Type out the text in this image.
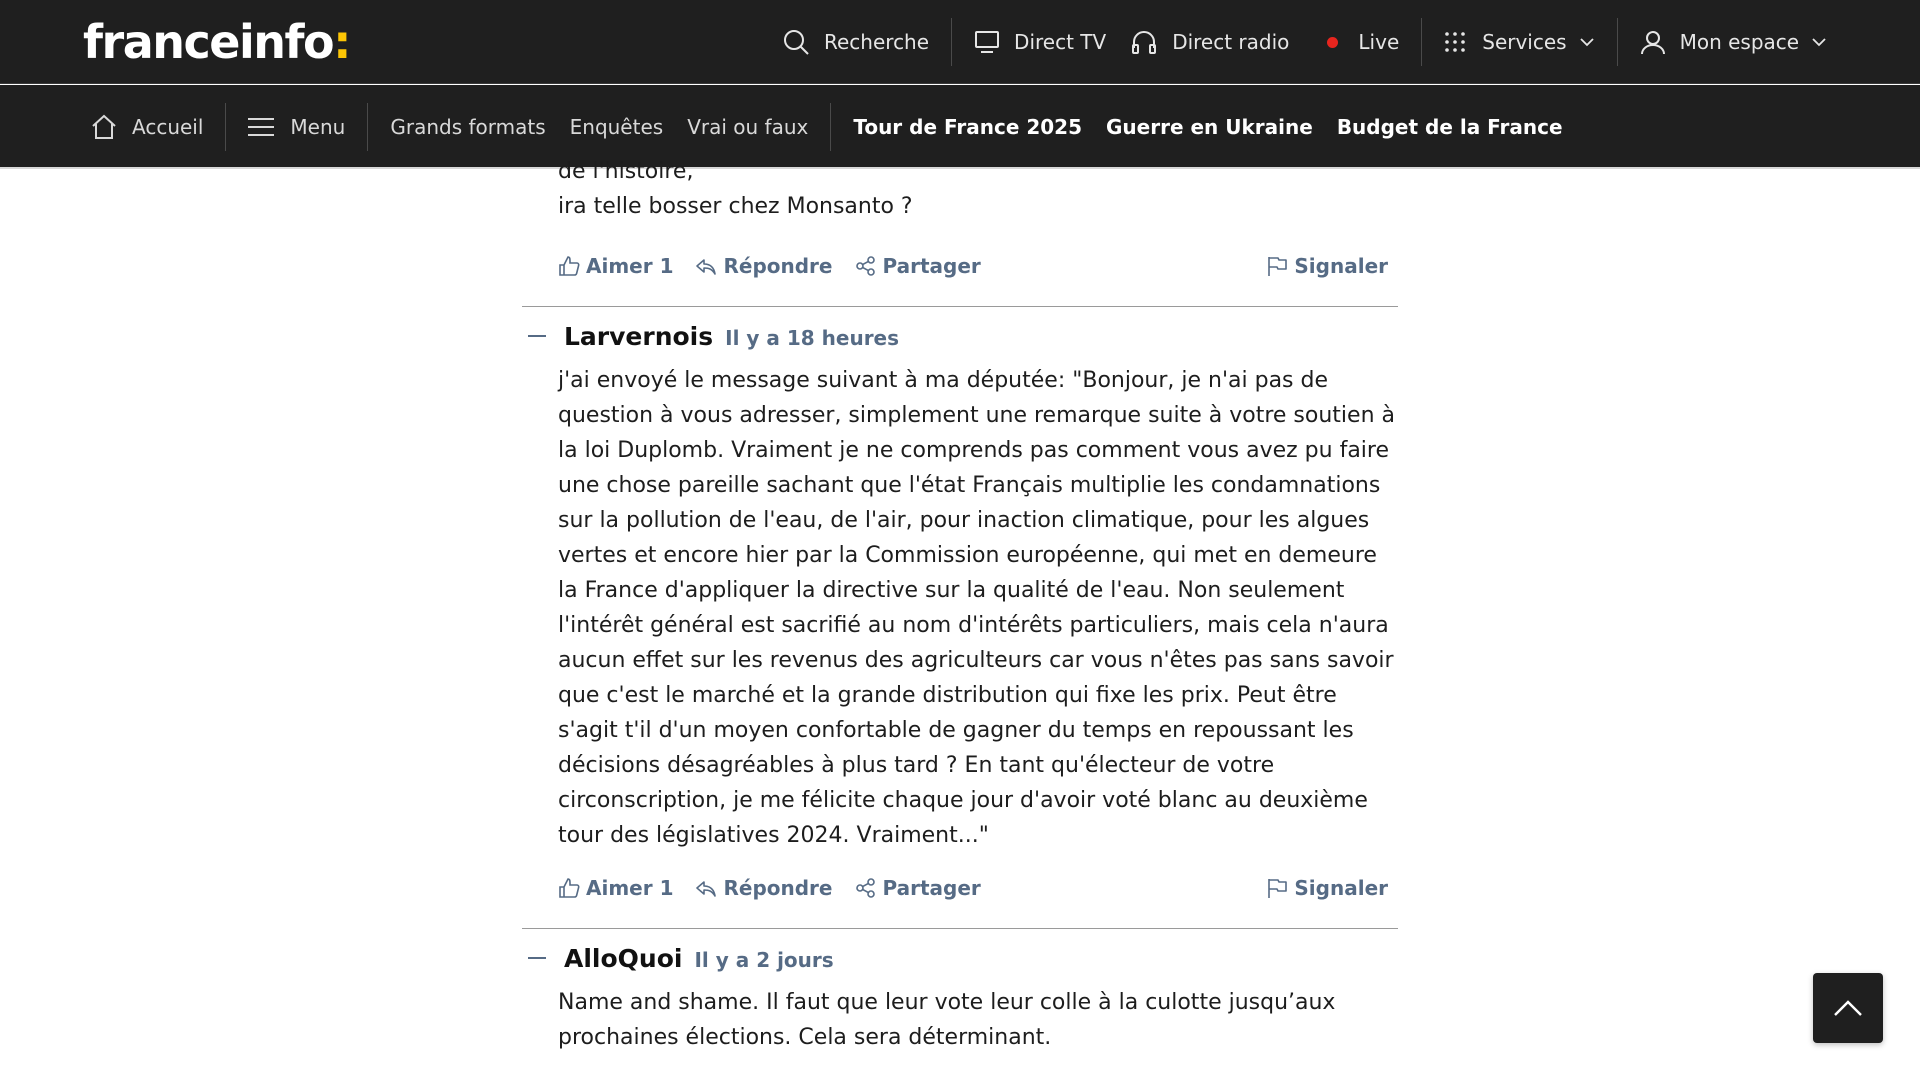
franceinfo:	Recherche	Direct TV	Direct radio	Live	Services	Mon espace
Accueil	Menu Grands formats Enquêtes Vrai ou faux Tour de France 2025 Guerre en Ukraine Budget de la France
de l'histoire,
ira telle bosser chez Monsanto ?
Aimer 1	Répondre	Partager	Signaler
Larvernois Il y a 18 heures
j'ai envoyé le message suivant à ma députée: "Bonjour, je n'ai pas de
question à vous adresser, simplement une remarque suite à votre soutien à
la loi Duplomb. Vraiment je ne comprends pas comment vous avez pu faire
une chose pareille sachant que l'état Français multiplie les condamnations
sur la pollution de l'eau, de l'air, pour inaction climatique, pour les algues
vertes et encore hier par la Commission européenne, qui met en demeure
la France d'appliquer la directive sur la qualité de l'eau. Non seulement
l'intérêt général est sacrifié au nom d'intérêts particuliers, mais cela n'aura
aucun effet sur les revenus des agriculteurs car vous n'êtes pas sans savoir
que c'est le marché et la grande distribution qui fixe les prix. Peut être
s'agit t'il d'un moyen confortable de gagner du temps en repoussant les
décisions désagréables à plus tard ? En tant qu'électeur de votre
circonscription, je me félicite chaque jour d'avoir voté blanc au deuxième
tour des législatives 2024. Vraiment..."
Aimer 1	Répondre	Partager	Signaler
AlloQuoi Il y a 2 jours
Name and shame. Il faut que leur vote leur colle à la culotte jusqu’aux
prochaines élections. Cela sera déterminant.
